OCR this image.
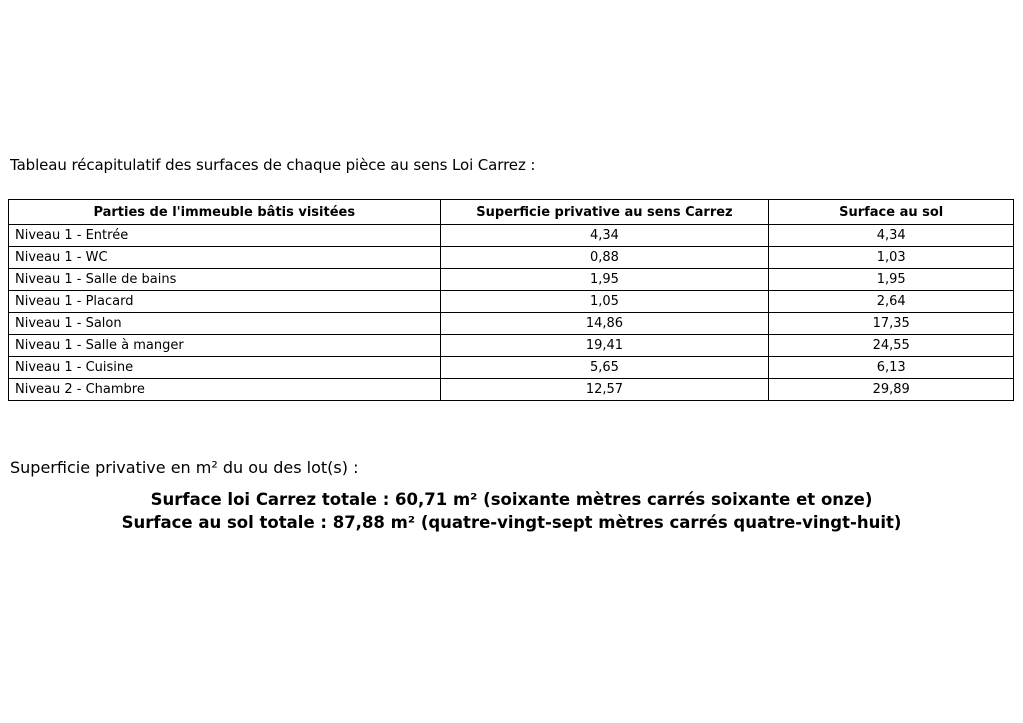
Tableau récapitulatif des surfaces de chaque pièce au sens Loi Carrez :
Parties de l'immeuble bâtis visitées	Superficie privative au sens Carrez	Surface au sol
Niveau 1 - Entrée	4,34	4,34
Niveau 1 - WC	0,88	1,03
Niveau 1 - Salle de bains	1,95	1,95
Niveau 1 - Placard	1,05	2,64
Niveau 1 - Salon	14,86	17,35
Niveau 1 - Salle à manger	19,41	24,55
Niveau 1 - Cuisine	5,65	6,13
Niveau 2 - Chambre	12,57	29,89
Superficie privative en m² du ou des lot(s) :
Surface loi Carrez totale : 60,71 m² (soixante mètres carrés soixante et onze)
Surface au sol totale : 87,88 m² (quatre-vingt-sept mètres carrés quatre-vingt-huit)
